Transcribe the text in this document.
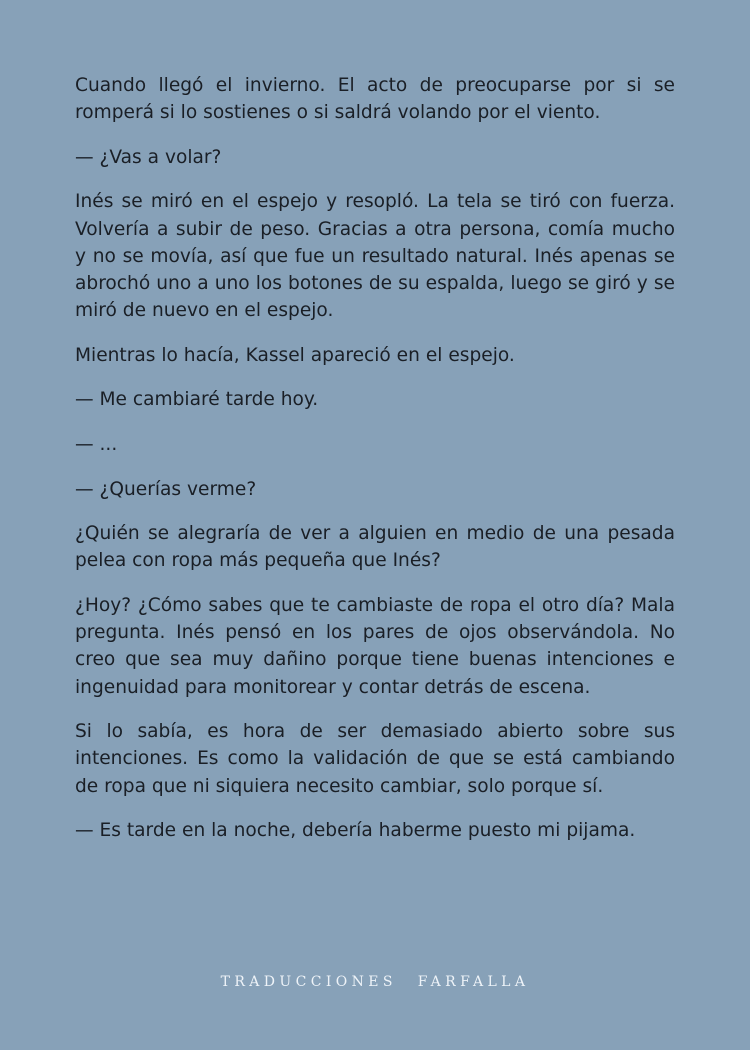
Cuando llegó el invierno. El acto de preocuparse por si se romperá si lo sostienes o si saldrá volando por el viento.

— ¿Vas a volar?

Inés se miró en el espejo y resopló. La tela se tiró con fuerza. Volvería a subir de peso. Gracias a otra persona, comía mucho y no se movía, así que fue un resultado natural. Inés apenas se abrochó uno a uno los botones de su espalda, luego se giró y se miró de nuevo en el espejo.

Mientras lo hacía, Kassel apareció en el espejo.

— Me cambiaré tarde hoy.

— ...

— ¿Querías verme?

¿Quién se alegraría de ver a alguien en medio de una pesada pelea con ropa más pequeña que Inés?

¿Hoy? ¿Cómo sabes que te cambiaste de ropa el otro día? Mala pregunta. Inés pensó en los pares de ojos observándola. No creo que sea muy dañino porque tiene buenas intenciones e ingenuidad para monitorear y contar detrás de escena.

Si lo sabía, es hora de ser demasiado abierto sobre sus intenciones. Es como la validación de que se está cambiando de ropa que ni siquiera necesito cambiar, solo porque sí.

— Es tarde en la noche, debería haberme puesto mi pijama.

TRADUCCIONES FARFALLA
